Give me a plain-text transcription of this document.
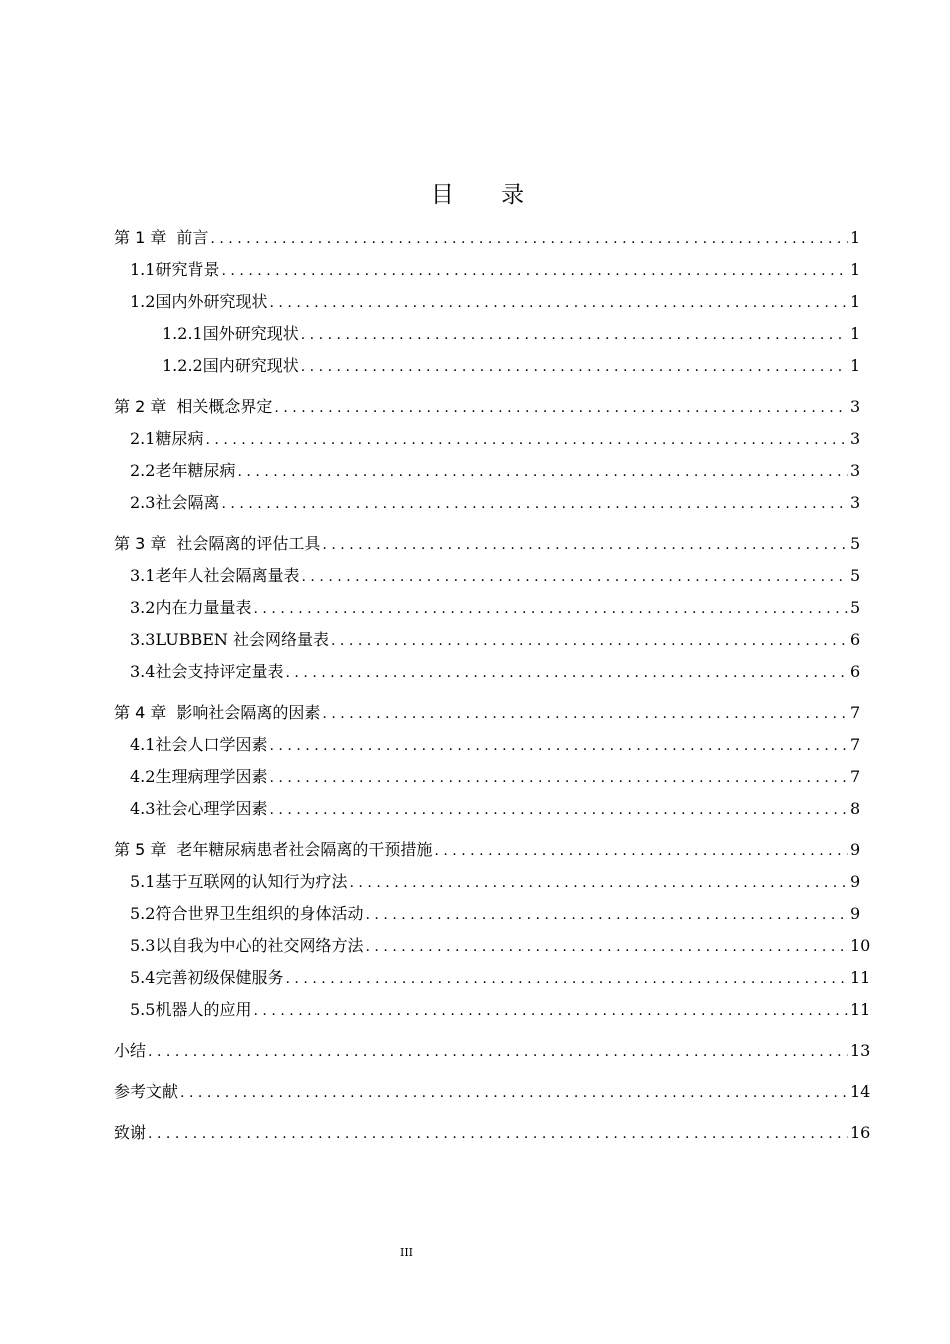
目 录
第 1 章 前言 .....	1
1.1 研究背景 .....	1
1.2 国内外研究现状 .....	1
1.2.1 国外研究现状 .....	1
1.2.2 国内研究现状 .....	1
第 2 章 相关概念界定 .....	3
2.1 糖尿病 .....	3
2.2 老年糖尿病 .....	3
2.3 社会隔离 .....	3
第 3 章 社会隔离的评估工具 .....	5
3.1 老年人社会隔离量表 .....	5
3.2 内在力量量表 .....	5
3.3 LUBBEN 社会网络量表 .....	6
3.4 社会支持评定量表 .....	6
第 4 章 影响社会隔离的因素 .....	7
4.1 社会人口学因素 .....	7
4.2 生理病理学因素 .....	7
4.3 社会心理学因素 .....	8
第 5 章 老年糖尿病患者社会隔离的干预措施 .....	9
5.1 基于互联网的认知行为疗法 .....	9
5.2 符合世界卫生组织的身体活动 .....	9
5.3 以自我为中心的社交网络方法 .....	10
5.4 完善初级保健服务 .....	11
5.5 机器人的应用 .....	11
小结 .....	13
参考文献 .....	14
致谢 .....	16
III
